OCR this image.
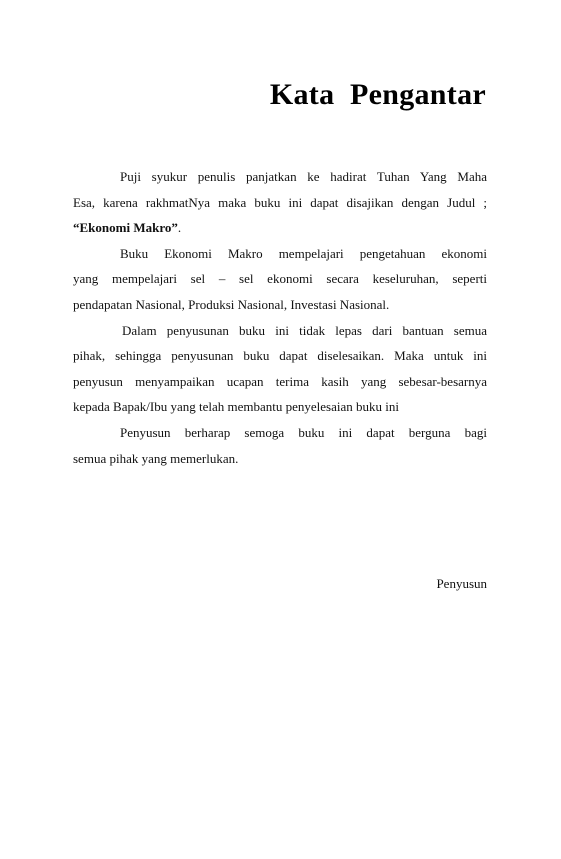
Kata  Pengantar

Puji syukur penulis panjatkan ke hadirat Tuhan Yang Maha
Esa, karena rakhmatNya maka buku ini dapat disajikan dengan Judul ;
“Ekonomi Makro”.

Buku Ekonomi Makro mempelajari pengetahuan ekonomi
yang mempelajari sel – sel ekonomi secara keseluruhan, seperti
pendapatan Nasional, Produksi Nasional, Investasi Nasional.

Dalam penyusunan buku ini tidak lepas dari bantuan semua
pihak, sehingga penyusunan buku dapat diselesaikan. Maka untuk ini
penyusun menyampaikan ucapan terima kasih yang sebesar-besarnya
kepada Bapak/Ibu yang telah membantu penyelesaian buku ini

Penyusun berharap semoga buku ini dapat berguna bagi
semua pihak yang memerlukan.

Penyusun
